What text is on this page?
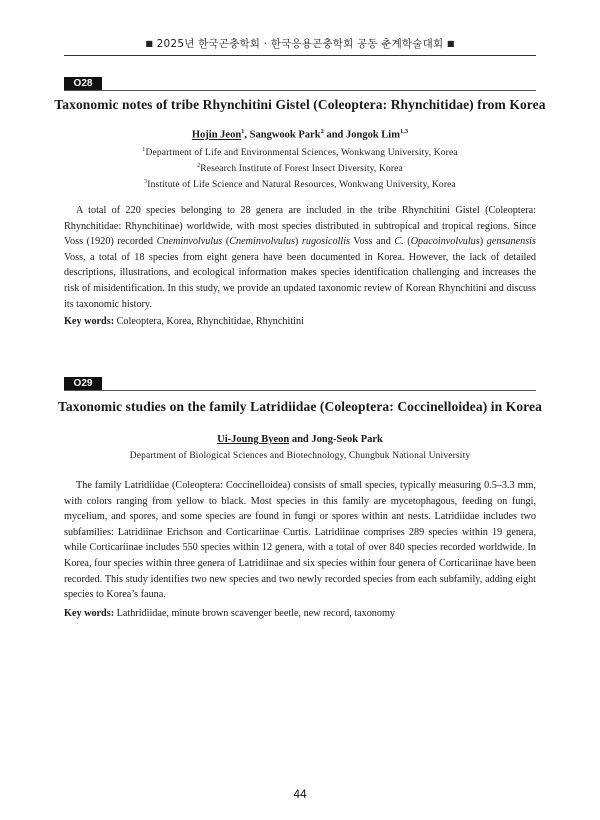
■ 2025년 한국곤충학회 · 한국응용곤충학회 공동 춘계학술대회 ■
O28
Taxonomic notes of tribe Rhynchitini Gistel (Coleoptera: Rhynchitidae) from Korea
Hojin Jeon$^1$, Sangwook Park$^2$ and Jongok Lim$^{1,3}$
$^1$Department of Life and Environmental Sciences, Wonkwang University, Korea
$^2$Research Institute of Forest Insect Diversity, Korea
$^3$Institute of Life Science and Natural Resources, Wonkwang University, Korea
A total of 220 species belonging to 28 genera are included in the tribe Rhynchitini Gistel (Coleoptera: Rhynchitidae: Rhynchitinae) worldwide, with most species distributed in subtropical and tropical regions. Since Voss (1920) recorded Cneminvolvulus (Cneminvolvulus) rugosicollis Voss and C. (Opacoinvolvulus) gensanensis Voss, a total of 18 species from eight genera have been documented in Korea. However, the lack of detailed descriptions, illustrations, and ecological information makes species identification challenging and increases the risk of misidentification. In this study, we provide an updated taxonomic review of Korean Rhynchitini and discuss its taxonomic history.
Key words: Coleoptera, Korea, Rhynchitidae, Rhynchitini
O29
Taxonomic studies on the family Latridiidae (Coleoptera: Coccinelloidea) in Korea
Ui-Joung Byeon and Jong-Seok Park
Department of Biological Sciences and Biotechnology, Chungbuk National University
The family Latridiidae (Coleoptera: Coccinelloidea) consists of small species, typically measuring 0.5–3.3 mm, with colors ranging from yellow to black. Most species in this family are mycetophagous, feeding on fungi, mycelium, and spores, and some species are found in fungi or spores within ant nests. Latridiidae includes two subfamilies: Latridiinae Erichson and Corticariinae Curtis. Latridiinae comprises 289 species within 19 genera, while Corticariinae includes 550 species within 12 genera, with a total of over 840 species recorded worldwide. In Korea, four species within three genera of Latridiinae and six species within four genera of Corticariinae have been recorded. This study identifies two new species and two newly recorded species from each subfamily, adding eight species to Korea’s fauna.
Key words: Lathridiidae, minute brown scavenger beetle, new record, taxonomy
44
